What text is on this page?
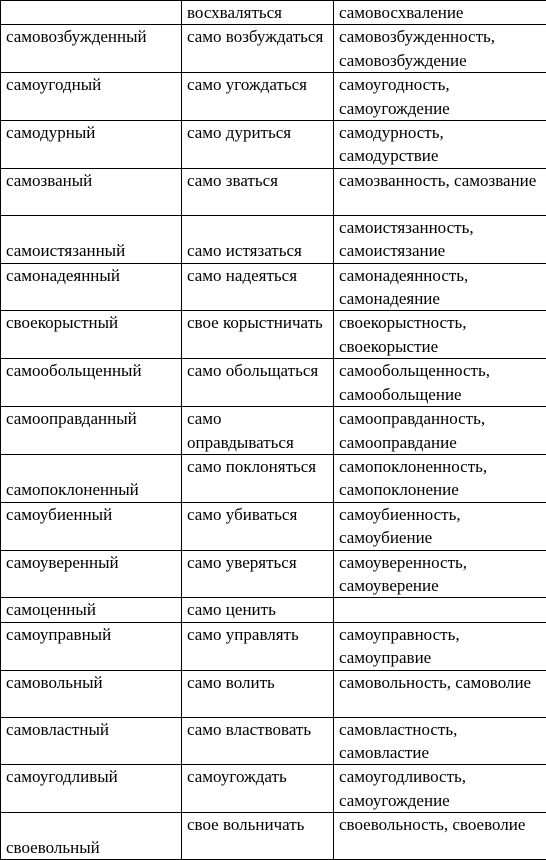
	восхваляться	самовосхваление
самовозбужденный	само возбуждаться	самовозбужденность, самовозбуждение
самоугодный	само угождаться	самоугодность, самоугождение
самодурный	само дуриться	самодурность, самодурствие
самозваный	само зваться	самозванность, самозвание
самоистязанный	само истязаться	самоистязанность, самоистязание
самонадеянный	само надеяться	самонадеянность, самонадеяние
своекорыстный	свое корыстничать	своекорыстность, своекорыстие
самообольщенный	само обольщаться	самообольщенность, самообольщение
самооправданный	само оправдываться	самооправданность, самооправдание
самопоклоненный	само поклоняться	самопоклоненность, самопоклонение
самоубиенный	само убиваться	самоубиенность, самоубиение
самоуверенный	само уверяться	самоуверенность, самоуверение
самоценный	само ценить	
самоуправный	само управлять	самоуправность, самоуправие
самовольный	само волить	самовольность, самоволие
самовластный	само властвовать	самовластность, самовластие
самоугодливый	самоугождать	самоугодливость, самоугождение
своевольный	свое вольничать	своевольность, своеволие
